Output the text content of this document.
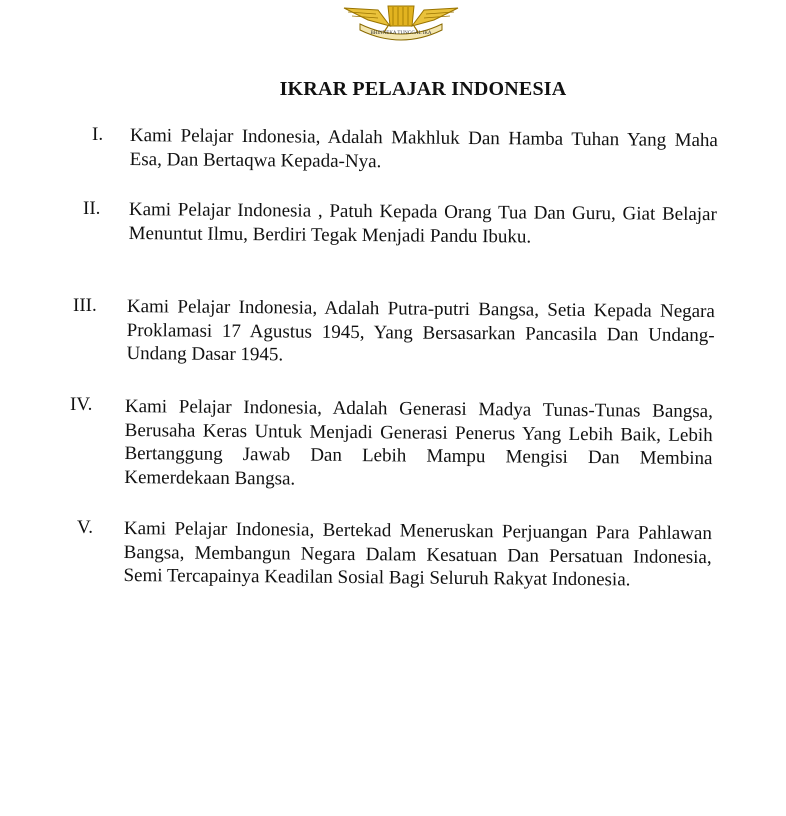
BHINNEKA TUNGGAL IKA
IKRAR PELAJAR INDONESIA
I. Kami Pelajar Indonesia, Adalah Makhluk Dan Hamba Tuhan Yang Maha Esa, Dan Bertaqwa Kepada-Nya.

II. Kami Pelajar Indonesia , Patuh Kepada Orang Tua Dan Guru, Giat Belajar Menuntut Ilmu, Berdiri Tegak Menjadi Pandu Ibuku.

III. Kami Pelajar Indonesia, Adalah Putra-putri Bangsa, Setia Kepada Negara Proklamasi 17 Agustus 1945, Yang Bersasarkan Pancasila Dan Undang-Undang Dasar 1945.

IV. Kami Pelajar Indonesia, Adalah Generasi Madya Tunas-Tunas Bangsa, Berusaha Keras Untuk Menjadi Generasi Penerus Yang Lebih Baik, Lebih Bertanggung Jawab Dan Lebih Mampu Mengisi Dan Membina Kemerdekaan Bangsa.

V. Kami Pelajar Indonesia, Bertekad Meneruskan Perjuangan Para Pahlawan Bangsa, Membangun Negara Dalam Kesatuan Dan Persatuan Indonesia, Semi Tercapainya Keadilan Sosial Bagi Seluruh Rakyat Indonesia.
